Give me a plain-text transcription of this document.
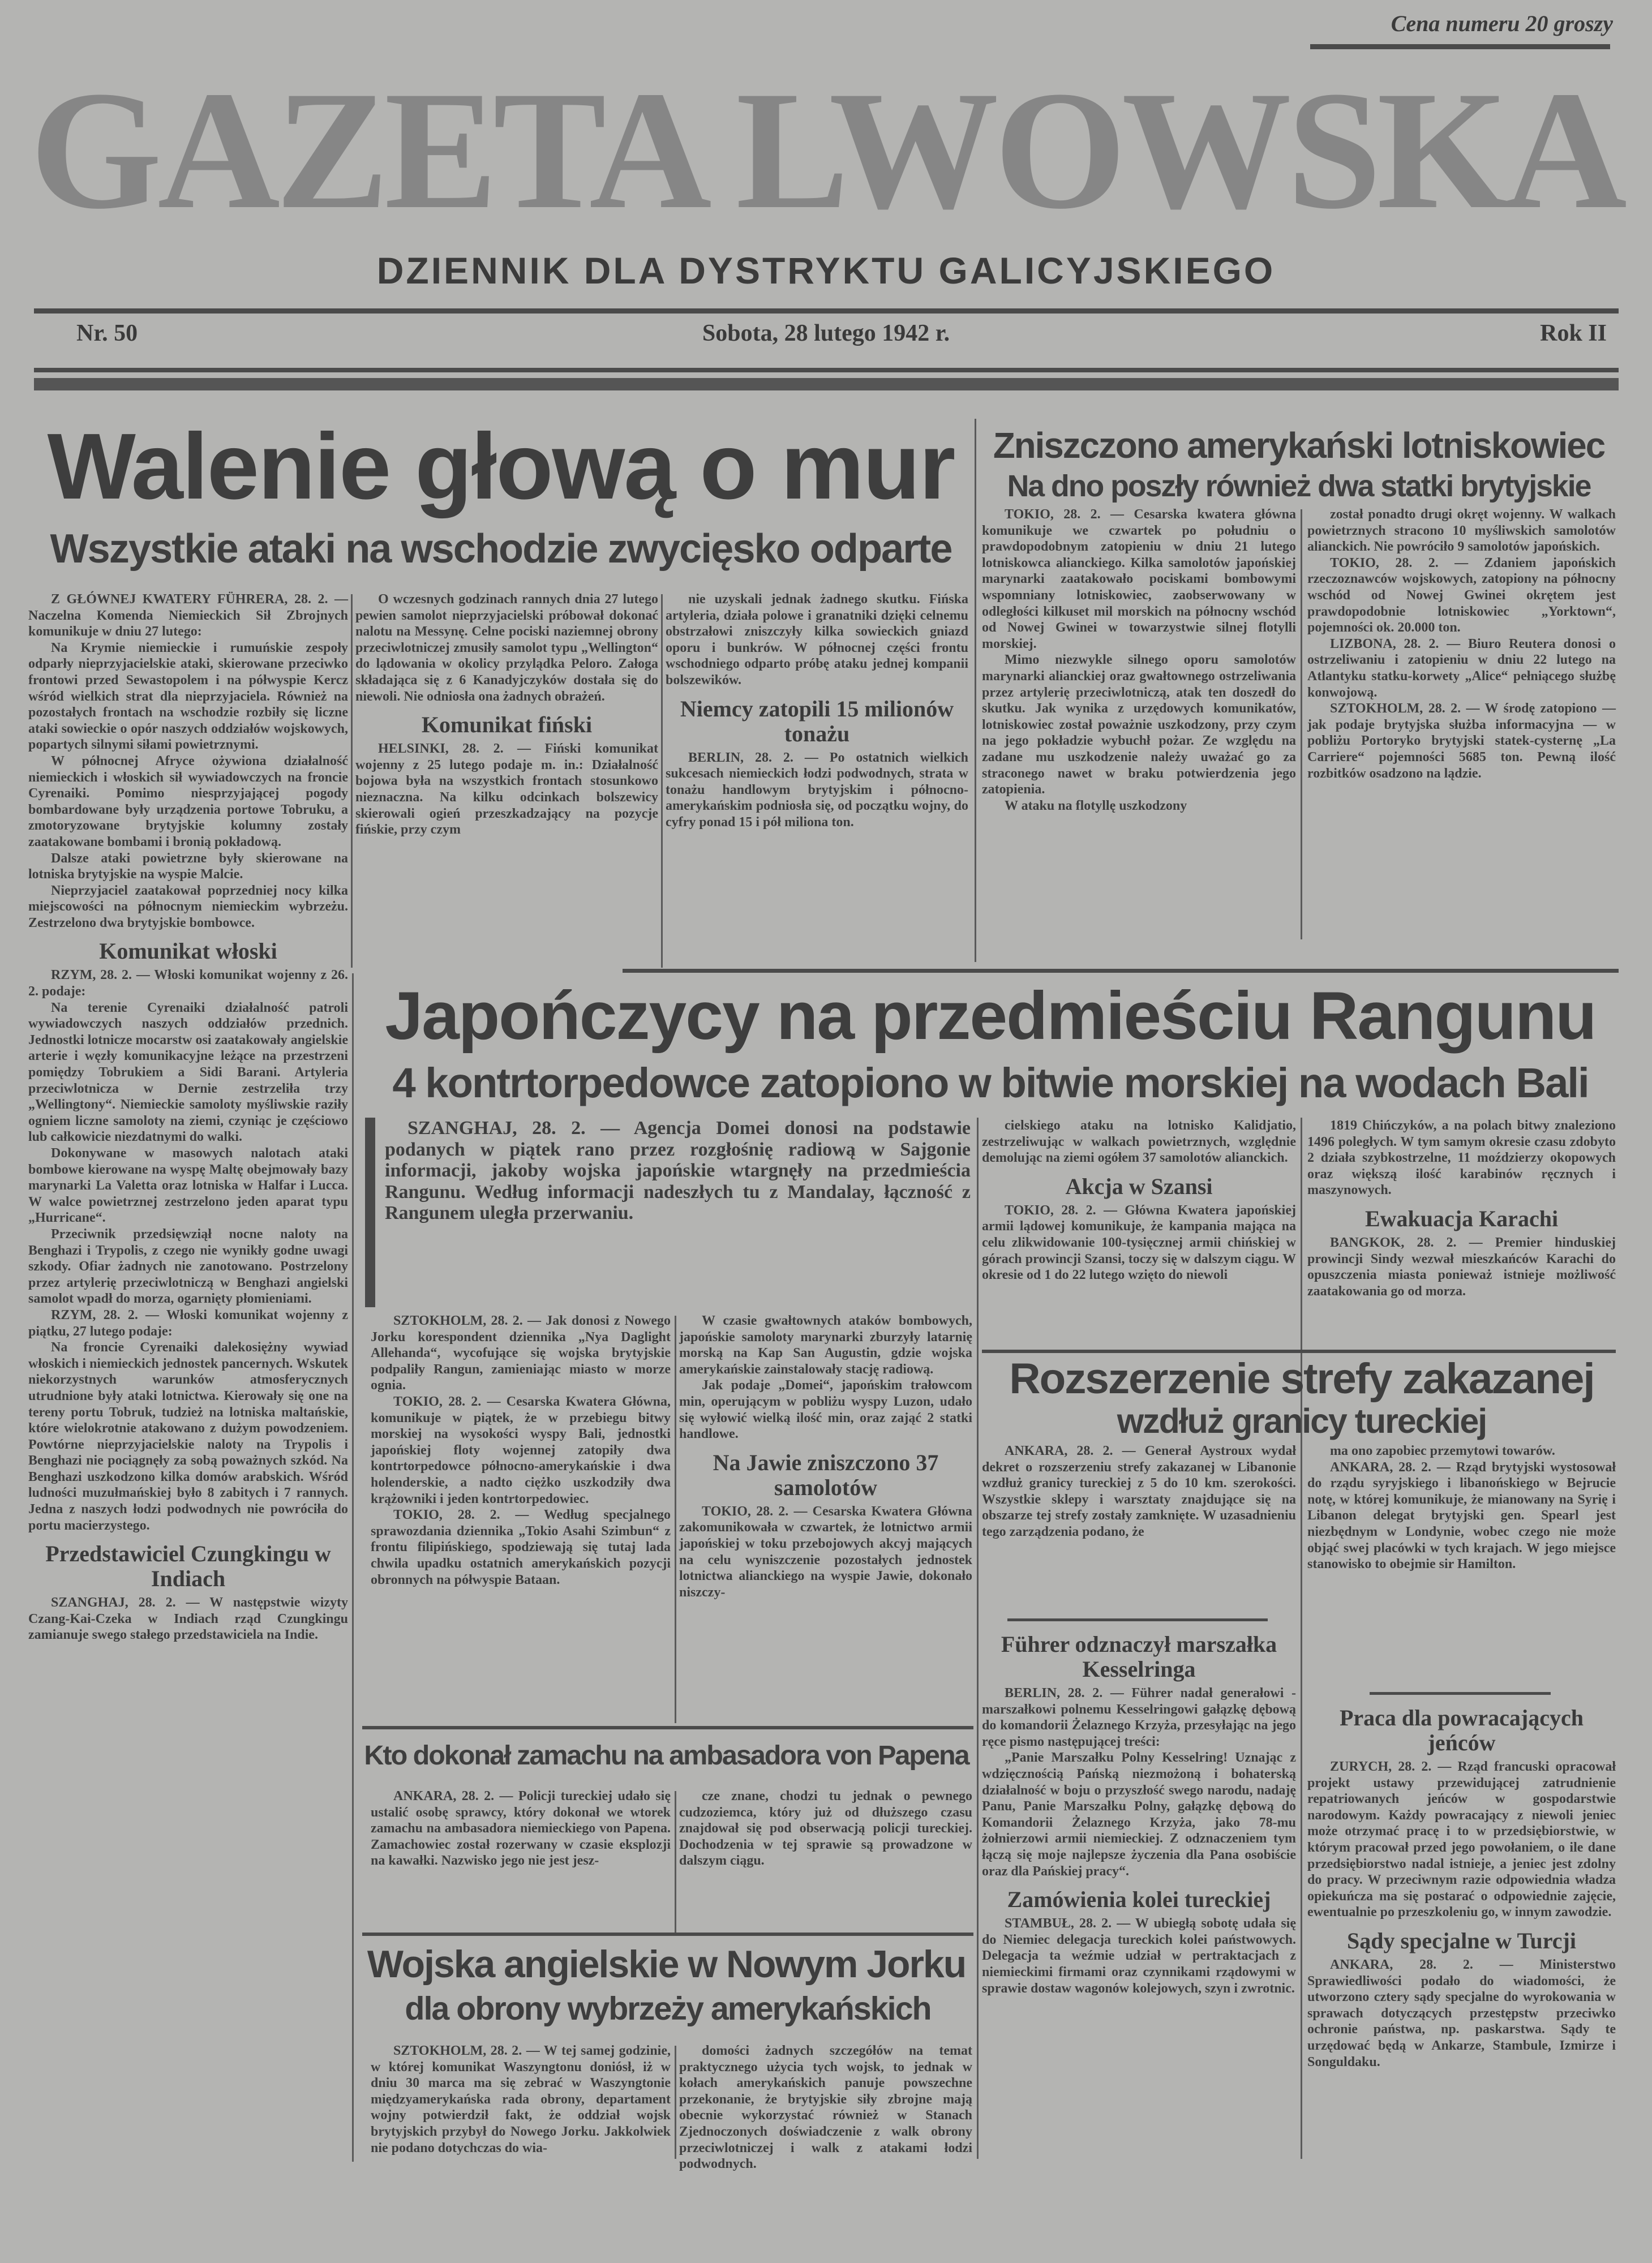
Cena numeru 20 groszy
GAZETA LWOWSKA
DZIENNIK DLA DYSTRYKTU GALICYJSKIEGO
Nr. 50	Sobota, 28 lutego 1942 r.	Rok II
Walenie głową o mur
Wszystkie ataki na wschodzie zwycięsko odparte

Z GŁÓWNEJ KWATERY FÜHRERA, 28. 2. — Naczelna Komenda Niemieckich Sił Zbrojnych komunikuje w dniu 27 lutego:

Na Krymie niemieckie i rumuńskie zespoły odparły nieprzyjacielskie ataki, skierowane przeciwko frontowi przed Sewastopolem i na półwyspie Kercz wśród wielkich strat dla nieprzyjaciela. Również na pozostałych frontach na wschodzie rozbiły się liczne ataki sowieckie o opór naszych oddziałów wojskowych, popartych silnymi siłami powietrznymi.

W północnej Afryce ożywiona działalność niemieckich i włoskich sił wywiadowczych na froncie Cyrenaiki. Pomimo niesprzyjającej pogody bombardowane były urządzenia portowe Tobruku, a zmotoryzowane brytyjskie kolumny zostały zaatakowane bombami i bronią pokładową.

Dalsze ataki powietrzne były skierowane na lotniska brytyjskie na wyspie Malcie.

Nieprzyjaciel zaatakował poprzedniej nocy kilka miejscowości na północnym niemieckim wybrzeżu. Zestrzelono dwa brytyjskie bombowce.

Komunikat włoski

RZYM, 28. 2. — Włoski komunikat wojenny z 26. 2. podaje:

Na terenie Cyrenaiki działalność patroli wywiadowczych naszych oddziałów przednich. Jednostki lotnicze mocarstw osi zaatakowały angielskie arterie i węzły komunikacyjne leżące na przestrzeni pomiędzy Tobrukiem a Sidi Barani. Artyleria przeciwlotnicza w Dernie zestrzeliła trzy „Wellingtony“. Niemieckie samoloty myśliwskie raziły ogniem liczne samoloty na ziemi, czyniąc je częściowo lub całkowicie niezdatnymi do walki.

Dokonywane w masowych nalotach ataki bombowe kierowane na wyspę Maltę obejmowały bazy marynarki La Valetta oraz lotniska w Halfar i Lucca. W walce powietrznej zestrzelono jeden aparat typu „Hurricane“.

Przeciwnik przedsięwziął nocne naloty na Benghazi i Trypolis, z czego nie wynikły godne uwagi szkody. Ofiar żadnych nie zanotowano. Postrzelony przez artylerię przeciwlotniczą w Benghazi angielski samolot wpadł do morza, ogarnięty płomieniami.

RZYM, 28. 2. — Włoski komunikat wojenny z piątku, 27 lutego podaje:

Na froncie Cyrenaiki dalekosiężny wywiad włoskich i niemieckich jednostek pancernych. Wskutek niekorzystnych warunków atmosferycznych utrudnione były ataki lotnictwa. Kierowały się one na tereny portu Tobruk, tudzież na lotniska maltańskie, które wielokrotnie atakowano z dużym powodzeniem. Powtórne nieprzyjacielskie naloty na Trypolis i Benghazi nie pociągnęły za sobą poważnych szkód. Na Benghazi uszkodzono kilka domów arabskich. Wśród ludności muzułmańskiej było 8 zabitych i 7 rannych. Jedna z naszych łodzi podwodnych nie powróciła do portu macierzystego.

Przedstawiciel Czungkingu w Indiach

SZANGHAJ, 28. 2. — W następstwie wizyty Czang-Kai-Czeka w Indiach rząd Czungkingu zamianuje swego stałego przedstawiciela na Indie.

O wczesnych godzinach rannych dnia 27 lutego pewien samolot nieprzyjacielski próbował dokonać nalotu na Messynę. Celne pociski naziemnej obrony przeciwlotniczej zmusiły samolot typu „Wellington“ do lądowania w okolicy przylądka Peloro. Załoga składająca się z 6 Kanadyjczyków dostała się do niewoli. Nie odniosła ona żadnych obrażeń.

Komunikat fiński

HELSINKI, 28. 2. — Fiński komunikat wojenny z 25 lutego podaje m. in.: Działalność bojowa była na wszystkich frontach stosunkowo nieznaczna. Na kilku odcinkach bolszewicy skierowali ogień przeszkadzający na pozycje fińskie, przy czym

nie uzyskali jednak żadnego skutku. Fińska artyleria, działa polowe i granatniki dzięki celnemu obstrzałowi zniszczyły kilka sowieckich gniazd oporu i bunkrów. W północnej części frontu wschodniego odparto próbę ataku jednej kompanii bolszewików.

Niemcy zatopili 15 milionów tonażu

BERLIN, 28. 2. — Po ostatnich wielkich sukcesach niemieckich łodzi podwodnych, strata w tonażu handlowym brytyjskim i północno-amerykańskim podniosła się, od początku wojny, do cyfry ponad 15 i pół miliona ton.

Zniszczono amerykański lotniskowiec
Na dno poszły również dwa statki brytyjskie

TOKIO, 28. 2. — Cesarska kwatera główna komunikuje we czwartek po południu o prawdopodobnym zatopieniu w dniu 21 lutego lotniskowca alianckiego. Kilka samolotów japońskiej marynarki zaatakowało pociskami bombowymi wspomniany lotniskowiec, zaobserwowany w odległości kilkuset mil morskich na północny wschód od Nowej Gwinei w towarzystwie silnej flotylli morskiej.

Mimo niezwykle silnego oporu samolotów marynarki alianckiej oraz gwałtownego ostrzeliwania przez artylerię przeciwlotniczą, atak ten doszedł do skutku. Jak wynika z urzędowych komunikatów, lotniskowiec został poważnie uszkodzony, przy czym na jego pokładzie wybuchł pożar. Ze względu na zadane mu uszkodzenie należy uważać go za straconego nawet w braku potwierdzenia jego zatopienia.

W ataku na flotyllę uszkodzony

został ponadto drugi okręt wojenny. W walkach powietrznych stracono 10 myśliwskich samolotów alianckich. Nie powróciło 9 samolotów japońskich.

TOKIO, 28. 2. — Zdaniem japońskich rzeczoznawców wojskowych, zatopiony na północny wschód od Nowej Gwinei okrętem jest prawdopodobnie lotniskowiec „Yorktown“, pojemności ok. 20.000 ton.

LIZBONA, 28. 2. — Biuro Reutera donosi o ostrzeliwaniu i zatopieniu w dniu 22 lutego na Atlantyku statku-korwety „Alice“ pełniącego służbę konwojową.

SZTOKHOLM, 28. 2. — W środę zatopiono — jak podaje brytyjska służba informacyjna — w pobliżu Portoryko brytyjski statek-cysternę „La Carriere“ pojemności 5685 ton. Pewną ilość rozbitków osadzono na lądzie.

Japończycy na przedmieściu Rangunu
4 kontrtorpedowce zatopiono w bitwie morskiej na wodach Bali

SZANGHAJ, 28. 2. — Agencja Domei donosi na podstawie podanych w piątek rano przez rozgłośnię radiową w Sajgonie informacji, jakoby wojska japońskie wtargnęły na przedmieścia Rangunu. Według informacji nadeszłych tu z Mandalay, łączność z Rangunem uległa przerwaniu.

SZTOKHOLM, 28. 2. — Jak donosi z Nowego Jorku korespondent dziennika „Nya Daglight Allehanda“, wycofujące się wojska brytyjskie podpaliły Rangun, zamieniając miasto w morze ognia.

TOKIO, 28. 2. — Cesarska Kwatera Główna, komunikuje w piątek, że w przebiegu bitwy morskiej na wysokości wyspy Bali, jednostki japońskiej floty wojennej zatopiły dwa kontrtorpedowce północno-amerykańskie i dwa holenderskie, a nadto ciężko uszkodziły dwa krążowniki i jeden kontrtorpedowiec.

TOKIO, 28. 2. — Według specjalnego sprawozdania dziennika „Tokio Asahi Szimbun“ z frontu filipińskiego, spodziewają się tutaj lada chwila upadku ostatnich amerykańskich pozycji obronnych na półwyspie Bataan.

W czasie gwałtownych ataków bombowych, japońskie samoloty marynarki zburzyły latarnię morską na Kap San Augustin, gdzie wojska amerykańskie zainstalowały stację radiową.

Jak podaje „Domei“, japońskim trałowcom min, operującym w pobliżu wyspy Luzon, udało się wyłowić wielką ilość min, oraz zająć 2 statki handlowe.

Na Jawie zniszczono 37 samolotów

TOKIO, 28. 2. — Cesarska Kwatera Główna zakomunikowała w czwartek, że lotnictwo armii japońskiej w toku przebojowych akcyj mających na celu wyniszczenie pozostałych jednostek lotnictwa alianckiego na wyspie Jawie, dokonało niszczy-

cielskiego ataku na lotnisko Kalidjatio, zestrzeliwując w walkach powietrznych, względnie demolując na ziemi ogółem 37 samolotów alianckich.

Akcja w Szansi

TOKIO, 28. 2. — Główna Kwatera japońskiej armii lądowej komunikuje, że kampania mająca na celu zlikwidowanie 100-tysięcznej armii chińskiej w górach prowincji Szansi, toczy się w dalszym ciągu. W okresie od 1 do 22 lutego wzięto do niewoli

1819 Chińczyków, a na polach bitwy znaleziono 1496 poległych. W tym samym okresie czasu zdobyto 2 działa szybkostrzelne, 11 moździerzy okopowych oraz większą ilość karabinów ręcznych i maszynowych.

Ewakuacja Karachi

BANGKOK, 28. 2. — Premier hinduskiej prowincji Sindy wezwał mieszkańców Karachi do opuszczenia miasta ponieważ istnieje możliwość zaatakowania go od morza.

Rozszerzenie strefy zakazanej
wzdłuż granicy tureckiej

ANKARA, 28. 2. — Generał Aystroux wydał dekret o rozszerzeniu strefy zakazanej w Libanonie wzdłuż granicy tureckiej z 5 do 10 km. szerokości. Wszystkie sklepy i warsztaty znajdujące się na obszarze tej strefy zostały zamknięte. W uzasadnieniu tego zarządzenia podano, że

ma ono zapobiec przemytowi towarów.

ANKARA, 28. 2. — Rząd brytyjski wystosował do rządu syryjskiego i libanońskiego w Bejrucie notę, w której komunikuje, że mianowany na Syrię i Libanon delegat brytyjski gen. Spearl jest niezbędnym w Londynie, wobec czego nie może objąć swej placówki w tych krajach. W jego miejsce stanowisko to obejmie sir Hamilton.

Führer odznaczył marszałka Kesselringa

BERLIN, 28. 2. — Führer nadał generałowi - marszałkowi polnemu Kesselringowi gałązkę dębową do komandorii Żelaznego Krzyża, przesyłając na jego ręce pismo następującej treści:

„Panie Marszałku Polny Kesselring! Uznając z wdzięcznością Pańską niezmożoną i bohaterską działalność w boju o przyszłość swego narodu, nadaję Panu, Panie Marszałku Polny, gałązkę dębową do Komandorii Żelaznego Krzyża, jako 78-mu żołnierzowi armii niemieckiej. Z odznaczeniem tym łączą się moje najlepsze życzenia dla Pana osobiście oraz dla Pańskiej pracy“.

Zamówienia kolei tureckiej

STAMBUŁ, 28. 2. — W ubiegłą sobotę udała się do Niemiec delegacja tureckich kolei państwowych. Delegacja ta weźmie udział w pertraktacjach z niemieckimi firmami oraz czynnikami rządowymi w sprawie dostaw wagonów kolejowych, szyn i zwrotnic.

Praca dla powracających jeńców

ZURYCH, 28. 2. — Rząd francuski opracował projekt ustawy przewidującej zatrudnienie repatriowanych jeńców w gospodarstwie narodowym. Każdy powracający z niewoli jeniec może otrzymać pracę i to w przedsiębiorstwie, w którym pracował przed jego powołaniem, o ile dane przedsiębiorstwo nadal istnieje, a jeniec jest zdolny do pracy. W przeciwnym razie odpowiednia władza opiekuńcza ma się postarać o odpowiednie zajęcie, ewentualnie po przeszkoleniu go, w innym zawodzie.

Sądy specjalne w Turcji

ANKARA, 28. 2. — Ministerstwo Sprawiedliwości podało do wiadomości, że utworzono cztery sądy specjalne do wyrokowania w sprawach dotyczących przestępstw przeciwko ochronie państwa, np. paskarstwa. Sądy te urzędować będą w Ankarze, Stambule, Izmirze i Songuldaku.

Kto dokonał zamachu na ambasadora von Papena

ANKARA, 28. 2. — Policji tureckiej udało się ustalić osobę sprawcy, który dokonał we wtorek zamachu na ambasadora niemieckiego von Papena. Zamachowiec został rozerwany w czasie eksplozji na kawałki. Nazwisko jego nie jest jesz-

cze znane, chodzi tu jednak o pewnego cudzoziemca, który już od dłuższego czasu znajdował się pod obserwacją policji tureckiej. Dochodzenia w tej sprawie są prowadzone w dalszym ciągu.

Wojska angielskie w Nowym Jorku
dla obrony wybrzeży amerykańskich

SZTOKHOLM, 28. 2. — W tej samej godzinie, w której komunikat Waszyngtonu doniósł, iż w dniu 30 marca ma się zebrać w Waszyngtonie międzyamerykańska rada obrony, departament wojny potwierdził fakt, że oddział wojsk brytyjskich przybył do Nowego Jorku. Jakkolwiek nie podano dotychczas do wia-

domości żadnych szczegółów na temat praktycznego użycia tych wojsk, to jednak w kołach amerykańskich panuje powszechne przekonanie, że brytyjskie siły zbrojne mają obecnie wykorzystać również w Stanach Zjednoczonych doświadczenie z walk obrony przeciwlotniczej i walk z atakami łodzi podwodnych.
